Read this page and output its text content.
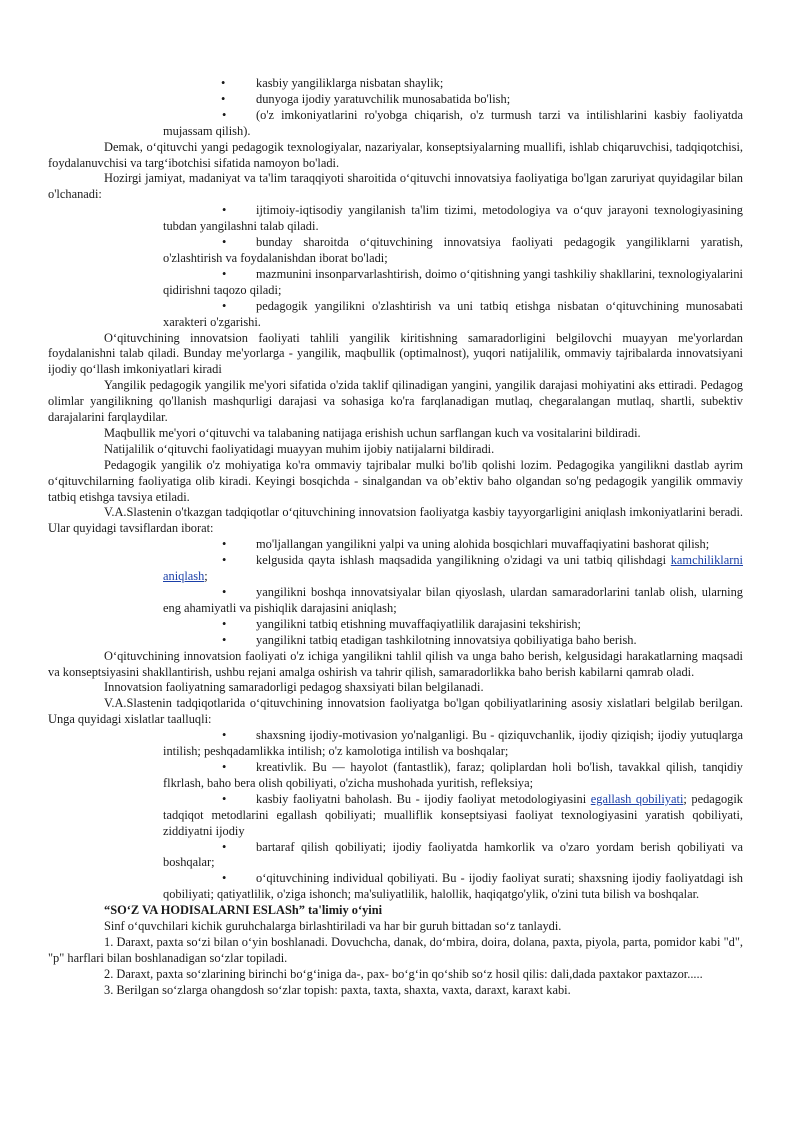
•	kasbiy yangiliklarga nisbatan shaylik;

•	dunyoga ijodiy yaratuvchilik munosabatida bo'lish;

• (o'z imkoniyatlarini ro'yobga chiqarish, o'z turmush tarzi va intilishlarini kasbiy faoliyatda mujassam qilish).

Demak, o‘qituvchi yangi pedagogik texnologiyalar, nazariyalar, konseptsiyalarning muallifi, ishlab chiqaruvchisi, tadqiqotchisi, foydalanuvchisi va targ‘ibotchisi sifatida namoyon bo'ladi.

Hozirgi jamiyat, madaniyat va ta'lim taraqqiyoti sharoitida o‘qituvchi innovatsiya faoliyatiga bo'lgan zaruriyat quyidagilar bilan o'lchanadi:

• ijtimoiy-iqtisodiy yangilanish ta'lim tizimi, metodologiya va o‘quv jarayoni texnologiyasining tubdan yangilashni talab qiladi.

• bunday sharoitda o‘qituvchining innovatsiya faoliyati pedagogik yangiliklarni yaratish, o'zlashtirish va foydalanishdan iborat bo'ladi;

• mazmunini insonparvarlashtirish, doimo o‘qitishning yangi tashkiliy shakllarini, texnologiyalarini qidirishni taqozo qiladi;

• pedagogik yangilikni o'zlashtirish va uni tatbiq etishga nisbatan o‘qituvchining munosabati xarakteri o'zgarishi.

O‘qituvchining innovatsion faoliyati tahlili yangilik kiritishning samaradorligini belgilovchi muayyan me'yorlardan foydalanishni talab qiladi. Bunday me'yorlarga - yangilik, maqbullik (optimalnost), yuqori natijalilik, ommaviy tajribalarda innovatsiyani ijodiy qo‘llash imkoniyatlari kiradi

Yangilik pedagogik yangilik me'yori sifatida o'zida taklif qilinadigan yangini, yangilik darajasi mohiyatini aks ettiradi. Pedagog olimlar yangilikning qo'llanish mashqurligi darajasi va sohasiga ko'ra farqlanadigan mutlaq, chegaralangan mutlaq, shartli, subektiv darajalarini farqlaydilar.

Maqbullik me'yori o‘qituvchi va talabaning natijaga erishish uchun sarflangan kuch va vositalarini bildiradi.

Natijalilik o‘qituvchi faoliyatidagi muayyan muhim ijobiy natijalarni bildiradi.

Pedagogik yangilik o'z mohiyatiga ko'ra ommaviy tajribalar mulki bo'lib qolishi lozim. Pedagogika yangilikni dastlab ayrim o‘qituvchilarning faoliyatiga olib kiradi. Keyingi bosqichda - sinalgandan va ob’ektiv baho olgandan so'ng pedagogik yangilik ommaviy tatbiq etishga tavsiya etiladi.

V.A.Slastenin o'tkazgan tadqiqotlar o‘qituvchining innovatsion faoliyatga kasbiy tayyorgarligini aniqlash imkoniyatlarini beradi. Ular quyidagi tavsiflardan iborat:

• mo'ljallangan yangilikni yalpi va uning alohida bosqichlari muvaffaqiyatini bashorat qilish;

• kelgusida qayta ishlash maqsadida yangilikning o'zidagi va uni tatbiq qilishdagi kamchiliklarni aniqlash;

• yangilikni boshqa innovatsiyalar bilan qiyoslash, ulardan samaradorlarini tanlab olish, ularning eng ahamiyatli va pishiqlik darajasini aniqlash;

• yangilikni tatbiq etishning muvaffaqiyatlilik darajasini tekshirish;

• yangilikni tatbiq etadigan tashkilotning innovatsiya qobiliyatiga baho berish.

O‘qituvchining innovatsion faoliyati o'z ichiga yangilikni tahlil qilish va unga baho berish, kelgusidagi harakatlarning maqsadi va konseptsiyasini shakllantirish, ushbu rejani amalga oshirish va tahrir qilish, samaradorlikka baho berish kabilarni qamrab oladi.

Innovatsion faoliyatning samaradorligi pedagog shaxsiyati bilan belgilanadi.

V.A.Slastenin tadqiqotlarida o‘qituvchining innovatsion faoliyatga bo'lgan qobiliyatlarining asosiy xislatlari belgilab berilgan. Unga quyidagi xislatlar taalluqli:

• shaxsning ijodiy-motivasion yo'nalganligi. Bu - qiziquvchanlik, ijodiy qiziqish; ijodiy yutuqlarga intilish; peshqadamlikka intilish; o'z kamolotiga intilish va boshqalar;

• kreativlik. Bu — hayolot (fantastlik), faraz; qoliplardan holi bo'lish, tavakkal qilish, tanqidiy flkrlash, baho bera olish qobiliyati, o'zicha mushohada yuritish, refleksiya;

• kasbiy faoliyatni baholash. Bu - ijodiy faoliyat metodologiyasini egallash qobiliyati; pedagogik tadqiqot metodlarini egallash qobiliyati; mualliflik konseptsiyasi faoliyat texnologiyasini yaratish qobiliyati, ziddiyatni ijodiy

• bartaraf qilish qobiliyati; ijodiy faoliyatda hamkorlik va o'zaro yordam berish qobiliyati va boshqalar;

• o‘qituvchining individual qobiliyati. Bu - ijodiy faoliyat surati; shaxsning ijodiy faoliyatdagi ish qobiliyati; qatiyatlilik, o'ziga ishonch; ma'suliyatlilik, halollik, haqiqatgo'ylik, o'zini tuta bilish va boshqalar.

“SO‘Z VA HODISALARNI ESLASh” ta'limiy o‘yini

Sinf o‘quvchilari kichik guruhchalarga birlashtiriladi va har bir guruh bittadan so‘z tanlaydi.

1. Daraxt, paxta so‘zi bilan o‘yin boshlanadi. Dovuchcha, danak, do‘mbira, doira, dolana, paxta, piyola, parta, pomidor kabi "d", "p" harflari bilan boshlanadigan so‘zlar topiladi.

2. Daraxt, paxta so‘zlarining birinchi bo‘g‘iniga da-, pax- bo‘g‘in qo‘shib so‘z hosil qilis: dali,dada paxtakor paxtazor.....

3. Berilgan so‘zlarga ohangdosh so‘zlar topish: paxta, taxta, shaxta, vaxta, daraxt, karaxt kabi.
